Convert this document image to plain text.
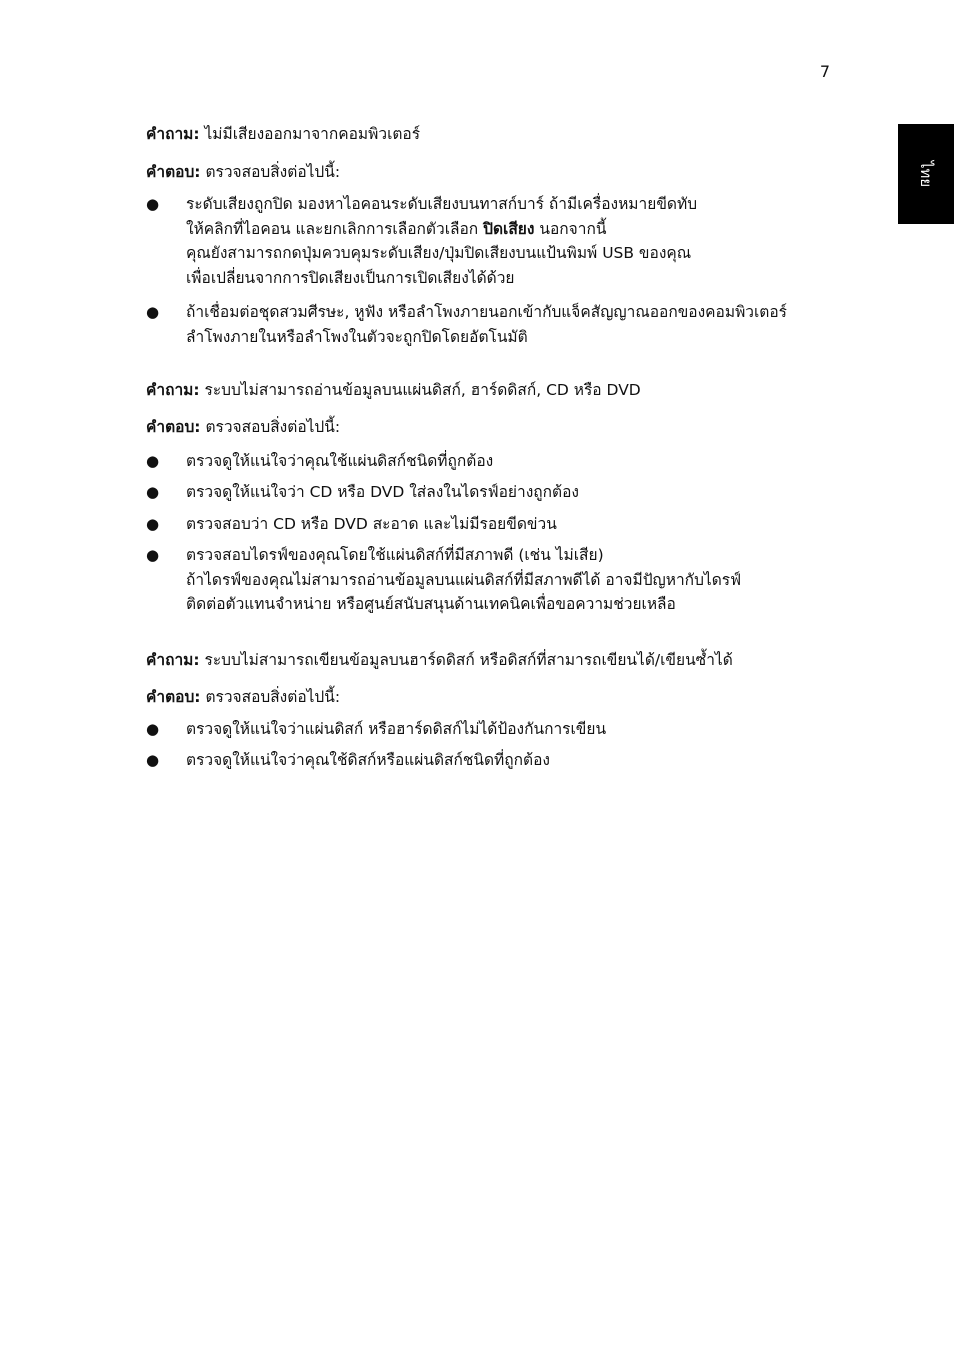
7
ไทย
คำถาม: ไม่มีเสียงออกมาจากคอมพิวเตอร์
คำตอบ: ตรวจสอบสิ่งต่อไปนี้:
● ระดับเสียงถูกปิด มองหาไอคอนระดับเสียงบนทาสก์บาร์ ถ้ามีเครื่องหมายขีดทับ
ให้คลิกที่ไอคอน และยกเลิกการเลือกตัวเลือก ปิดเสียง นอกจากนี้
คุณยังสามารถกดปุ่มควบคุมระดับเสียง/ปุ่มปิดเสียงบนแป้นพิมพ์ USB ของคุณ
เพื่อเปลี่ยนจากการปิดเสียงเป็นการเปิดเสียงได้ด้วย
● ถ้าเชื่อมต่อชุดสวมศีรษะ, หูฟัง หรือลำโพงภายนอกเข้ากับแจ็คสัญญาณออกของคอมพิวเตอร์
ลำโพงภายในหรือลำโพงในตัวจะถูกปิดโดยอัตโนมัติ
คำถาม: ระบบไม่สามารถอ่านข้อมูลบนแผ่นดิสก์, ฮาร์ดดิสก์, CD หรือ DVD
คำตอบ: ตรวจสอบสิ่งต่อไปนี้:
● ตรวจดูให้แน่ใจว่าคุณใช้แผ่นดิสก์ชนิดที่ถูกต้อง
● ตรวจดูให้แน่ใจว่า CD หรือ DVD ใส่ลงในไดรฟ์อย่างถูกต้อง
● ตรวจสอบว่า CD หรือ DVD สะอาด และไม่มีรอยขีดข่วน
● ตรวจสอบไดรฟ์ของคุณโดยใช้แผ่นดิสก์ที่มีสภาพดี (เช่น ไม่เสีย)
ถ้าไดรฟ์ของคุณไม่สามารถอ่านข้อมูลบนแผ่นดิสก์ที่มีสภาพดีได้ อาจมีปัญหากับไดรฟ์
ติดต่อตัวแทนจำหน่าย หรือศูนย์สนับสนุนด้านเทคนิคเพื่อขอความช่วยเหลือ
คำถาม: ระบบไม่สามารถเขียนข้อมูลบนฮาร์ดดิสก์ หรือดิสก์ที่สามารถเขียนได้/เขียนซ้ำได้
คำตอบ: ตรวจสอบสิ่งต่อไปนี้:
● ตรวจดูให้แน่ใจว่าแผ่นดิสก์ หรือฮาร์ดดิสก์ไม่ได้ป้องกันการเขียน
● ตรวจดูให้แน่ใจว่าคุณใช้ดิสก์หรือแผ่นดิสก์ชนิดที่ถูกต้อง
